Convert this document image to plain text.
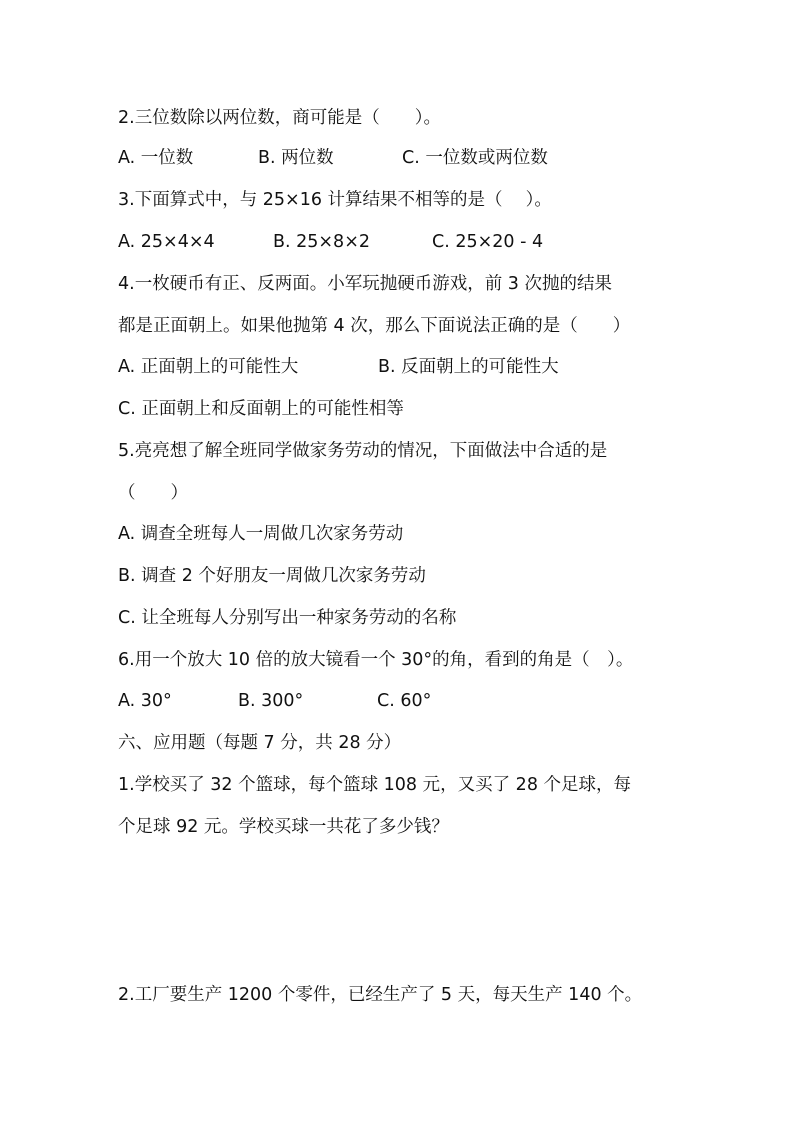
2.三位数除以两位数，商可能是（　　）。
A. 一位数	B. 两位数	C. 一位数或两位数
3.下面算式中，与 25×16 计算结果不相等的是（　 ）。
A. 25×4×4	B. 25×8×2	C. 25×20 - 4
4.一枚硬币有正、反两面。小军玩抛硬币游戏，前 3 次抛的结果
都是正面朝上。如果他抛第 4 次，那么下面说法正确的是（　　）
A. 正面朝上的可能性大	B. 反面朝上的可能性大
C. 正面朝上和反面朝上的可能性相等
5.亮亮想了解全班同学做家务劳动的情况，下面做法中合适的是
（　　）
A. 调查全班每人一周做几次家务劳动
B. 调查 2 个好朋友一周做几次家务劳动
C. 让全班每人分别写出一种家务劳动的名称
6.用一个放大 10 倍的放大镜看一个 30°的角，看到的角是（　）。
A. 30°	B. 300°	C. 60°
六、应用题（每题 7 分，共 28 分）
1.学校买了 32 个篮球，每个篮球 108 元，又买了 28 个足球，每
个足球 92 元。学校买球一共花了多少钱？
2.工厂要生产 1200 个零件，已经生产了 5 天，每天生产 140 个。
